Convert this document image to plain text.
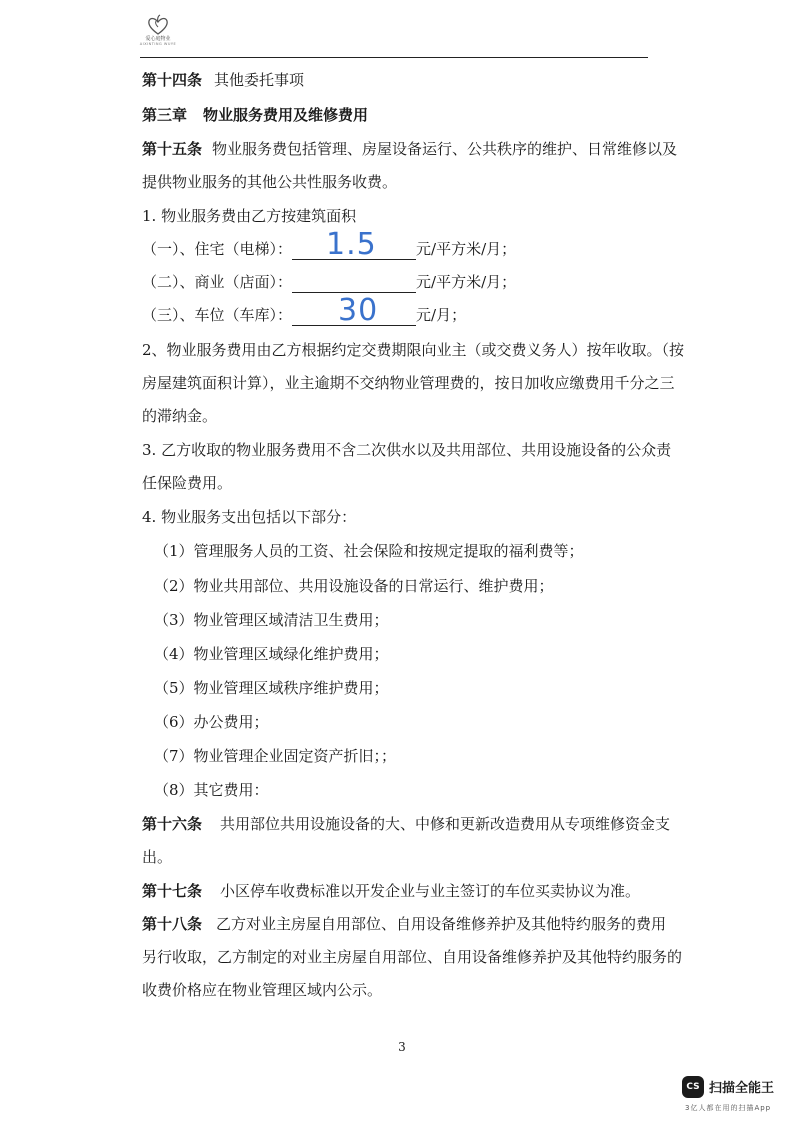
爱心庭物业
AIXINTING WUYE
第十四条 其他委托事项
第三章 物业服务费用及维修费用
第十五条 物业服务费包括管理、房屋设备运行、公共秩序的维护、日常维修以及
提供物业服务的其他公共性服务收费。
1. 物业服务费由乙方按建筑面积
（一）、住宅（电梯）： 1.5	元/平方米/月；
（二）、商业（店面）：	元/平方米/月；
（三）、车位（车库）： 30	元/月；
2、物业服务费用由乙方根据约定交费期限向业主（或交费义务人）按年收取。（按
房屋建筑面积计算），业主逾期不交纳物业管理费的，按日加收应缴费用千分之三
的滞纳金。
3. 乙方收取的物业服务费用不含二次供水以及共用部位、共用设施设备的公众责
任保险费用。
4. 物业服务支出包括以下部分：
（1）管理服务人员的工资、社会保险和按规定提取的福利费等；
（2）物业共用部位、共用设施设备的日常运行、维护费用；
（3）物业管理区域清洁卫生费用；
（4）物业管理区域绿化维护费用；
（5）物业管理区域秩序维护费用；
（6）办公费用；
（7）物业管理企业固定资产折旧；；
（8）其它费用：
第十六条 共用部位共用设施设备的大、中修和更新改造费用从专项维修资金支
出。
第十七条 小区停车收费标准以开发企业与业主签订的车位买卖协议为准。
第十八条 乙方对业主房屋自用部位、自用设备维修养护及其他特约服务的费用
另行收取，乙方制定的对业主房屋自用部位、自用设备维修养护及其他特约服务的
收费价格应在物业管理区域内公示。
3
CS 扫描全能王
3亿人都在用的扫描App
